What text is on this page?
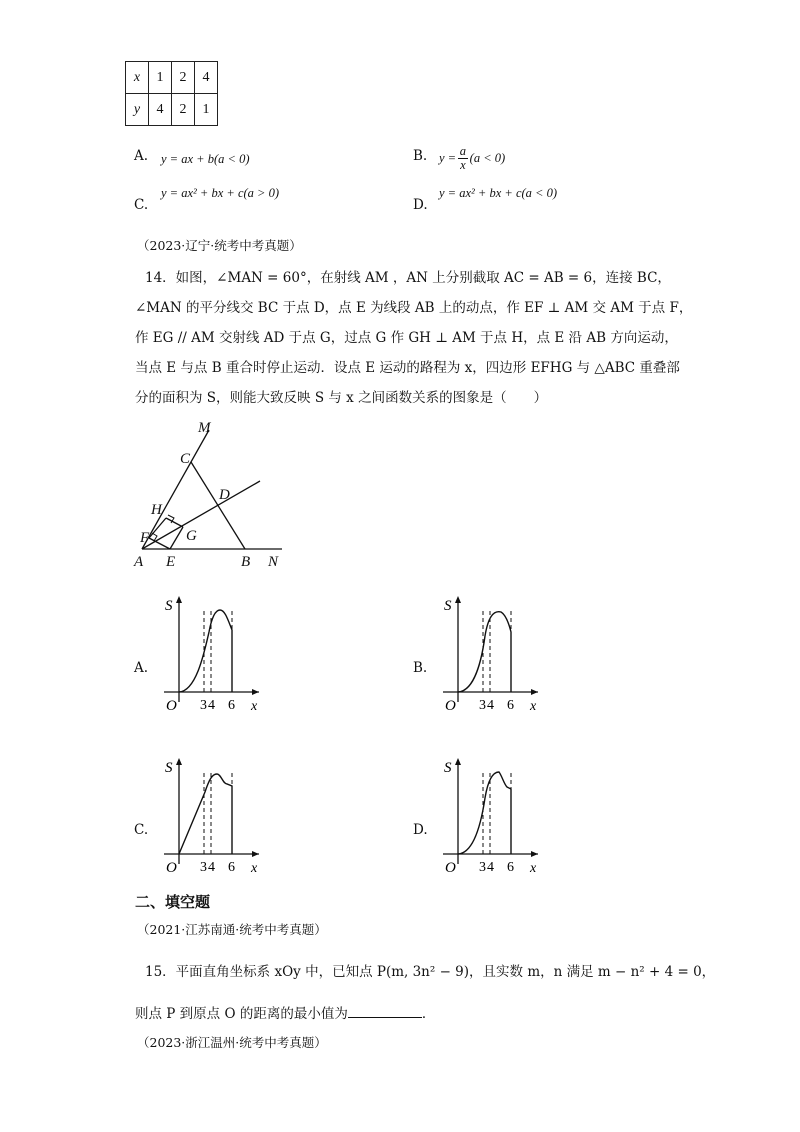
x	1	2	4
y	4	2	1
A. y = ax + b(a < 0)	B. $y = \frac{a}{x} (a < 0)$
C.
y = ax² + bx + c(a > 0)
D.
y = ax² + bx + c(a < 0)
（2023·辽宁·统考中考真题）
14．如图，∠MAN = 60°，在射线 AM ，AN 上分别截取 AC = AB = 6，连接 BC，
∠MAN 的平分线交 BC 于点 D，点 E 为线段 AB 上的动点，作 EF ⊥ AM 交 AM 于点 F，
作 EG // AM 交射线 AD 于点 G，过点 G 作 GH ⊥ AM 于点 H，点 E 沿 AB 方向运动，
当点 E 与点 B 重合时停止运动．设点 E 运动的路程为 x，四边形 EFHG 与 △ABC 重叠部
分的面积为 S，则能大致反映 S 与 x 之间函数关系的图象是（　　）
M
C
D
H
G
F
A E	B N
A.
S
x
O 3 4 6
B.
S
x
O 3 4 6
C.
S
x
O 3 4 6
D.
S
x
O 3 4 6
二、填空题
（2021·江苏南通·统考中考真题）
15．平面直角坐标系 xOy 中，已知点 P(m, 3n² − 9)，且实数 m，n 满足 m − n² + 4 = 0，
则点 P 到原点 O 的距离的最小值为	．
（2023·浙江温州·统考中考真题）
